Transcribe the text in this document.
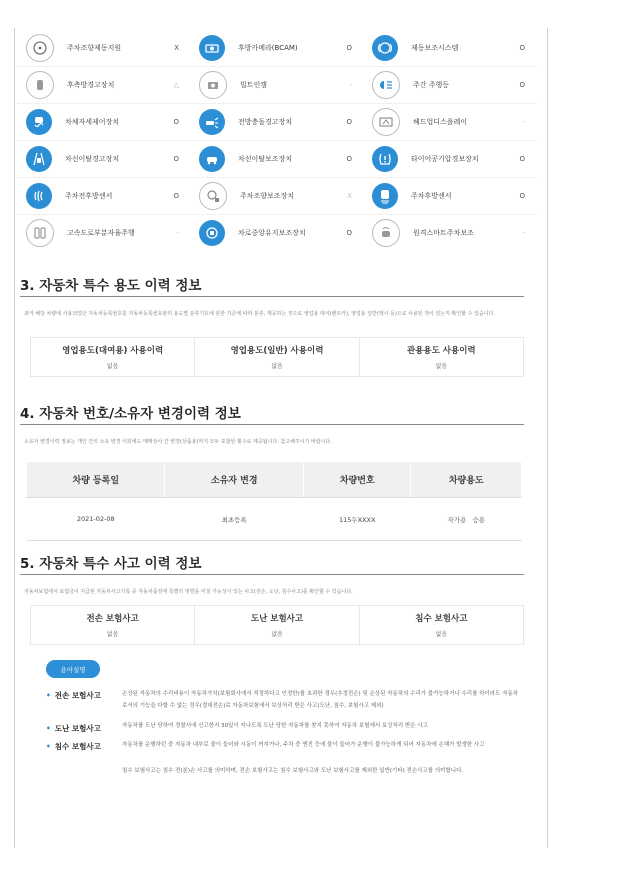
주차조향제동지원	X	후방카메라(BCAM)	O	제동보조시스템	O
후측방경고장치	△	빌트인캠	-	주간 주행등	O
차체자세제어장치	O	전방충돌경고장치	O	헤드업디스플레이	-
차선이탈경고장치	O	차선이탈보조장치	O	타이어공기압경보장치	O
주차전후방센서	O	주차조향보조장치	X	주차후방센서	O
고속도로부분자율주행	-	차로중앙유지보조장치	O	원격스마트주차보조	-
3. 자동차 특수 용도 이력 정보
과거 해당 차량에 사용되었던 자동차등록번호를 자동차등록번호판의 용도별 분류기호에 관한 기준에 따라 분류, 제공하는 것으로 영업용 대여(렌트카), 영업용 일반(택시 등)으로 사용된 적이 있는지 확인할 수 있습니다.
영업용도(대여용) 사용이력
없음
영업용도(일반) 사용이력
없음
관용용도 사용이력
없음
4. 자동차 번호/소유자 변경이력 정보
소유자 변경이력 정보는 개인 간의 소유 변경 이외에도 매매상사 간 변경(상품용)까지 모두 포함된 횟수로 제공됩니다. 참고해주시기 바랍니다.
차량 등록일	소유자 변경	차량번호	차량용도
2021-02-08	최초등록	115두XXXX	자가용   승용
5. 자동차 특수 사고 이력 정보
자동차보험에서 보험금이 지급된 자동차사고기록 중 자동차품질에 특별히 영향을 미칠 가능성이 있는 사고(전손, 도난, 침수사고)를 확인할 수 있습니다.
전손 보험사고
없음
도난 보험사고
없음
침수 보험사고
없음
용어설명
• 전손 보험사고	손상된 자동차의 수리비용이 자동차가치(보험회사에서 적정하다고 인정한)를 초과한 경우(추정전손) 및 손상된 자동차의 수리가 불가능하거나 수리를 하더라도 자동차로서의 기능을 다할 수 없는 경우(절대전손)로 자동차보험에서 보상처리 받은 사고(도난, 침수, 보험사고 제외)
• 도난 보험사고	자동차를 도난 당하여 경찰서에 신고한지 30일이 지나도록 도난 당한 자동차를 찾지 못하여 자동차 보험에서 보상처리 받은 사고
• 침수 보험사고	자동차를 운행하던 중 자동차 내부로 물이 들어와 시동이 꺼지거나, 주차 중 엔진 등에 물이 들어가 운행이 불가능하게 되어 자동차에 손해가 발생한 사고
침수 보험사고는 침수 전(분)손 사고를 의미하며, 전손 보험사고는 침수 보험사고와 도난 보험사고를 제외한 일반(기타) 전손사고를 의미합니다.
